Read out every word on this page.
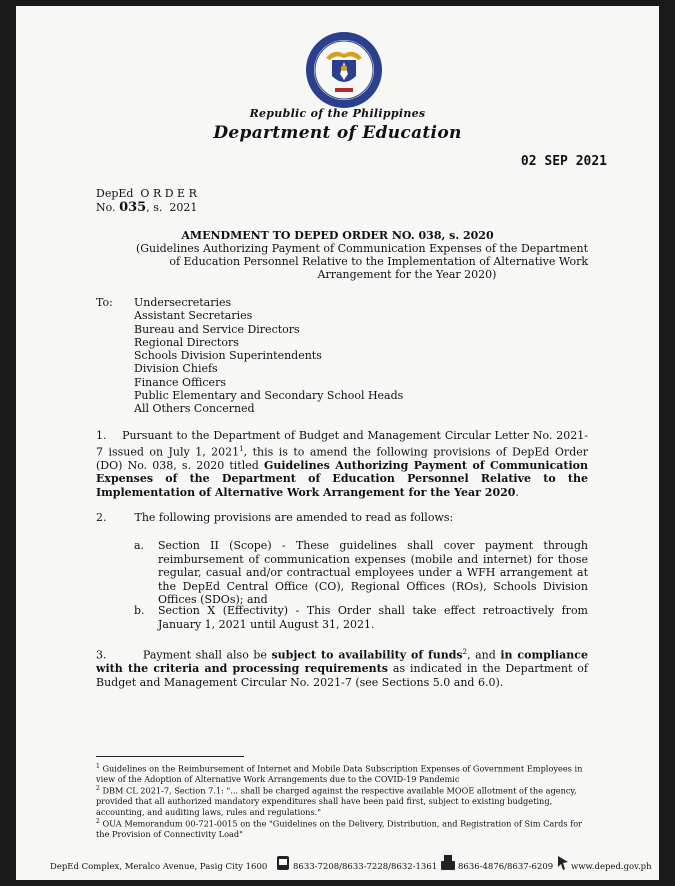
Republic of the Philippines
Department of Education
02 SEP 2021
DepEd  O R D E R
No. 035, s.  2021
AMENDMENT TO DEPED ORDER NO. 038, s. 2020
(Guidelines Authorizing Payment of Communication Expenses of the Department
of Education Personnel Relative to the Implementation of Alternative Work
Arrangement for the Year 2020)
To: Undersecretaries
Assistant Secretaries
Bureau and Service Directors
Regional Directors
Schools Division Superintendents
Division Chiefs
Finance Officers
Public Elementary and Secondary School Heads
All Others Concerned
1. Pursuant to the Department of Budget and Management Circular Letter No. 2021-7 issued on July 1, 2021$^1$, this is to amend the following provisions of DepEd Order (DO) No. 038, s. 2020 titled Guidelines Authorizing Payment of Communication Expenses of the Department of Education Personnel Relative to the Implementation of Alternative Work Arrangement for the Year 2020.
2.	The following provisions are amended to read as follows:
a. Section II (Scope) - These guidelines shall cover payment through reimbursement of communication expenses (mobile and internet) for those regular, casual and/or contractual employees under a WFH arrangement at the DepEd Central Office (CO), Regional Offices (ROs), Schools Division Offices (SDOs); and
b. Section X (Effectivity) - This Order shall take effect retroactively from January 1, 2021 until August 31, 2021.
3.	Payment shall also be subject to availability of funds$^2$, and in compliance with the criteria and processing requirements as indicated in the Department of Budget and Management Circular No. 2021-7 (see Sections 5.0 and 6.0).

$^1$ Guidelines on the Reimbursement of Internet and Mobile Data Subscription Expenses of Government Employees in view of the Adoption of Alternative Work Arrangements due to the COVID-19 Pandemic

$^2$ DBM CL 2021-7, Section 7.1: "... shall be charged against the respective available MOOE allotment of the agency, provided that all authorized mandatory expenditures shall have been paid first, subject to existing budgeting, accounting, and auditing laws, rules and regulations."

$^2$ OUA Memorandum 00-721-0015 on the "Guidelines on the Delivery, Distribution, and Registration of Sim Cards for the Provision of Connectivity Load"

DepEd Complex, Meralco Avenue, Pasig City 1600	8633-7208/8633-7228/8632-1361 8636-4876/8637-6209 www.deped.gov.ph
